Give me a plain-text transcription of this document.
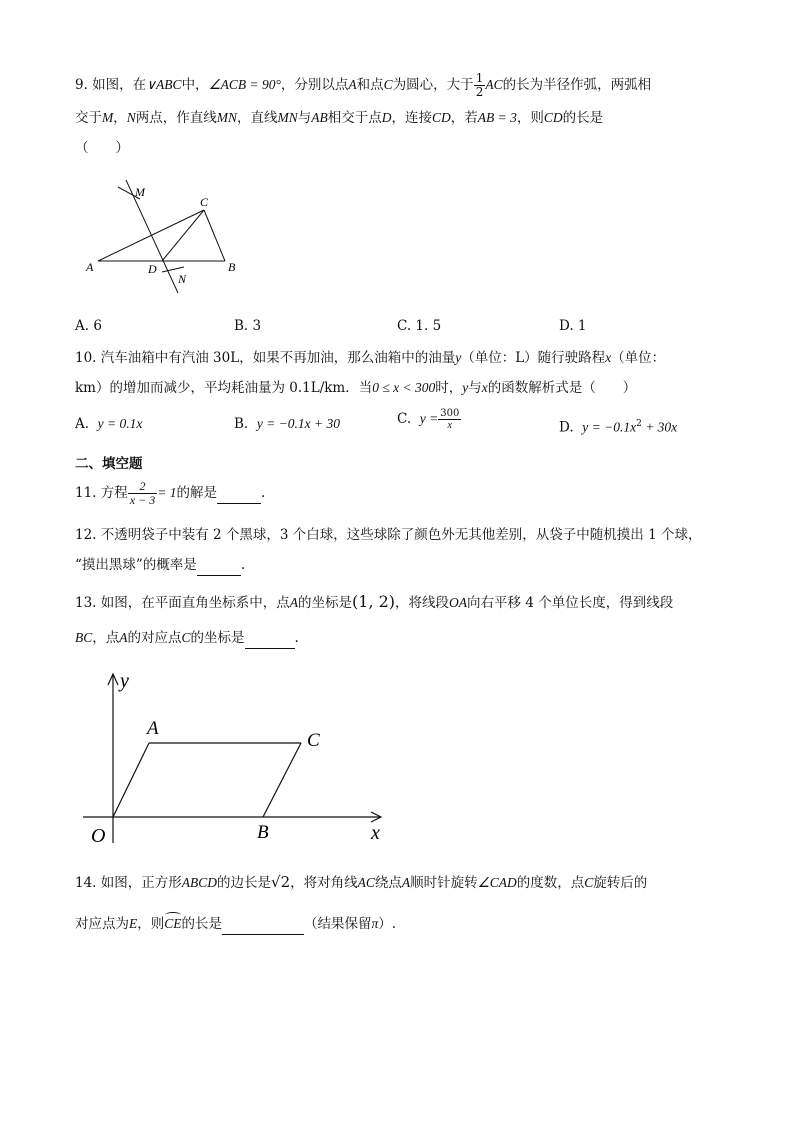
9. 如图，在∨ABC中，∠ACB = 90°，分别以点A和点C为圆心，大于 $\frac{1}{2}$ AC的长为半径作弧，两弧相
交于M，N两点，作直线MN，直线MN与AB相交于点D，连接CD，若AB = 3，则CD的长是
（　　）
M
C
A	D
N
B
A. 6	B. 3	C. 1. 5	D. 1
10. 汽车油箱中有汽油 30L，如果不再加油，那么油箱中的油量y（单位：L）随行驶路程x（单位：
km）的增加而减少，平均耗油量为 0.1L/km．当0 ≤ x < 300时，y与x的函数解析式是（　　）
A. y = 0.1x	B. y = −0.1x + 30	C. $y = \frac{300}{x}$	D. $y = -0.1x^2 + 30x$
二、填空题
11. 方程 $\frac{2}{x - 3} = 1$的解是	.
12. 不透明袋子中装有 2 个黑球，3 个白球，这些球除了颜色外无其他差别，从袋子中随机摸出 1 个球，
“摸出黑球”的概率是	.
13. 如图，在平面直角坐标系中，点A的坐标是(1, 2)，将线段OA向右平移 4 个单位长度，得到线段
BC，点A的对应点C的坐标是	.
y
A
C
O	B	x
14. 如图，正方形ABCD的边长是√2，将对角线AC绕点A顺时针旋转∠CAD的度数，点C旋转后的
对应点为E，则
CE的长是	（结果保留π）.
